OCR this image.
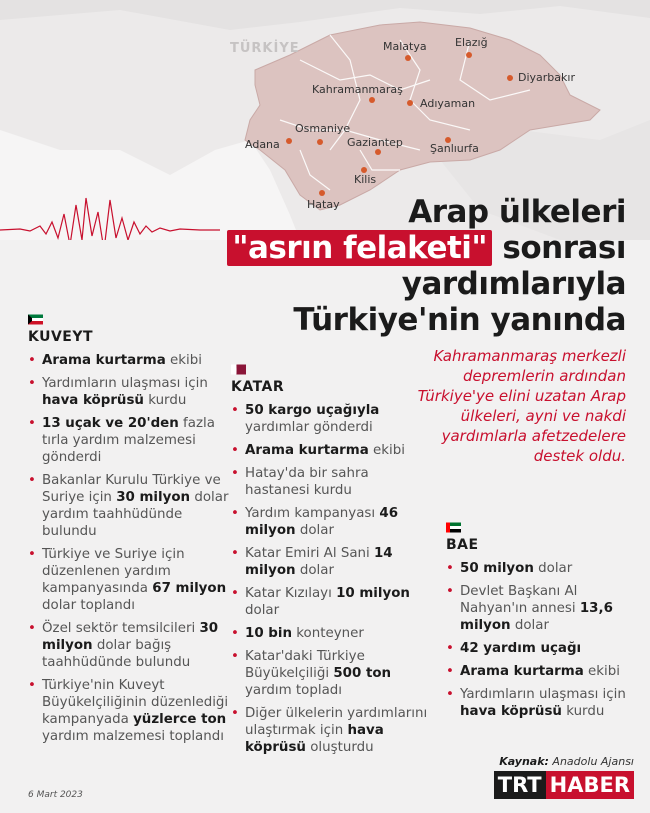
TÜRKİYE	Malatya	Elazığ
Kahramanmaraş
Diyarbakır
Adıyaman
Osmaniye
Gaziantep
Adana	Şanlıurfa
Kilis
Hatay	Arap ülkeleri
"asrın felaketi" sonrası
yardımlarıyla
Türkiye'nin yanında
Kahramanmaraş merkezli depremlerin ardından Türkiye'ye elini uzatan Arap ülkeleri, ayni ve nakdi yardımlarla afetzedelere destek oldu.
KUVEYT
• Arama kurtarma ekibi
• Yardımların ulaşması için hava köprüsü kurdu
• 13 uçak ve 20'den fazla tırla yardım malzemesi gönderdi
• Bakanlar Kurulu Türkiye ve Suriye için 30 milyon dolar yardım taahhüdünde bulundu
• Türkiye ve Suriye için düzenlenen yardım kampanyasında 67 milyon dolar toplandı
• Özel sektör temsilcileri 30 milyon dolar bağış taahhüdünde bulundu
• Türkiye'nin Kuveyt Büyükelçiliğinin düzenlediği kampanyada yüzlerce ton yardım malzemesi toplandı
KATAR
• 50 kargo uçağıyla yardımlar gönderdi
• Arama kurtarma ekibi
• Hatay'da bir sahra hastanesi kurdu
• Yardım kampanyası 46 milyon dolar
• Katar Emiri Al Sani 14 milyon dolar
• Katar Kızılayı 10 milyon dolar
• 10 bin konteyner
• Katar'daki Türkiye Büyükelçiliği 500 ton yardım topladı
• Diğer ülkelerin yardımlarını ulaştırmak için hava köprüsü oluşturdu
BAE
• 50 milyon dolar
• Devlet Başkanı Al Nahyan'ın annesi 13,6 milyon dolar
• 42 yardım uçağı
• Arama kurtarma ekibi
• Yardımların ulaşması için hava köprüsü kurdu
Kaynak: Anadolu Ajansı
TRT HABER
6 Mart 2023
